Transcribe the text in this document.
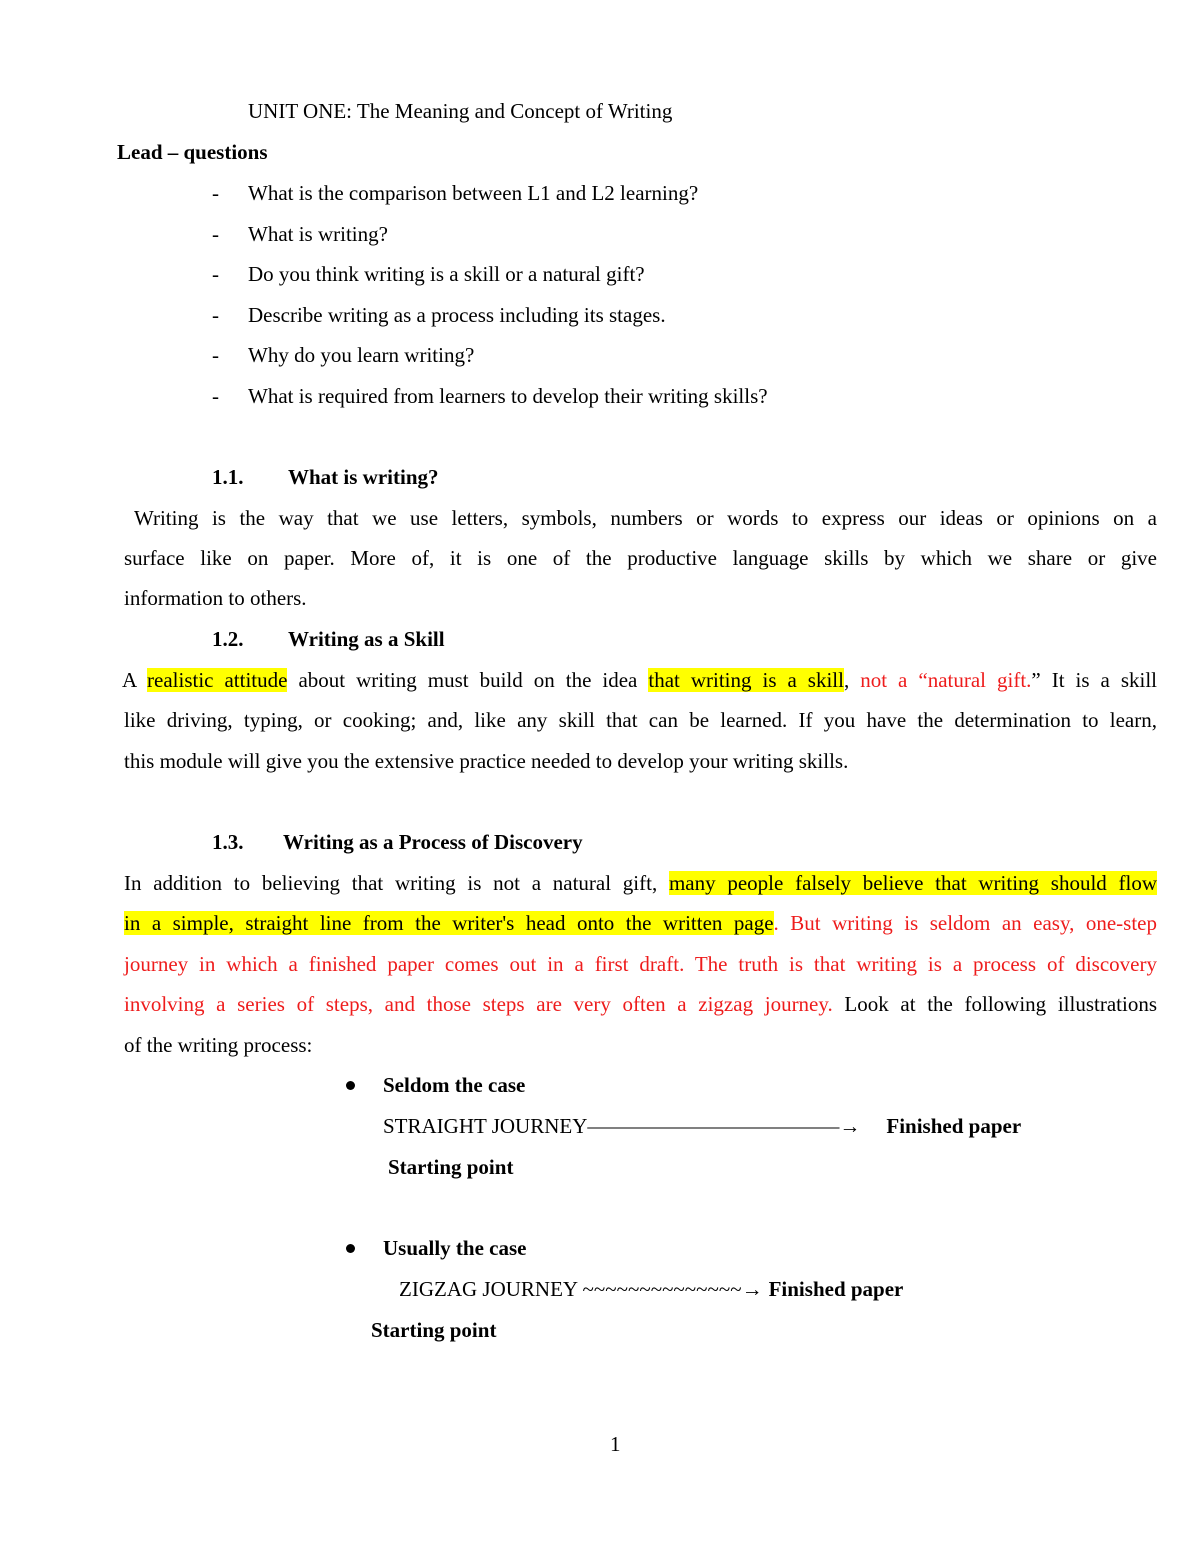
UNIT ONE: The Meaning and Concept of Writing
Lead – questions
- What is the comparison between L1 and L2 learning?
- What is writing?
- Do you think writing is a skill or a natural gift?
- Describe writing as a process including its stages.
- Why do you learn writing?
- What is required from learners to develop their writing skills?
1.1. What is writing?
Writing is the way that we use letters, symbols, numbers or words to express our ideas or opinions on a
surface like on paper. More of, it is one of the productive language skills by which we share or give
information to others.
1.2. Writing as a Skill
A realistic attitude about writing must build on the idea that writing is a skill, not a “natural gift.” It is a skill
like driving, typing, or cooking; and, like any skill that can be learned. If you have the determination to learn,
this module will give you the extensive practice needed to develop your writing skills.
1.3. Writing as a Process of Discovery
In addition to believing that writing is not a natural gift, many people falsely believe that writing should flow
in a simple, straight line from the writer's head onto the written page. But writing is seldom an easy, one-step
journey in which a finished paper comes out in a first draft. The truth is that writing is a process of discovery
involving a series of steps, and those steps are very often a zigzag journey. Look at the following illustrations
of the writing process:
Seldom the case
STRAIGHT JOURNEY————————————→ Finished paper
Starting point
Usually the case
ZIGZAG JOURNEY ~~~~~~~~~~~~~~→ Finished paper
Starting point
1
